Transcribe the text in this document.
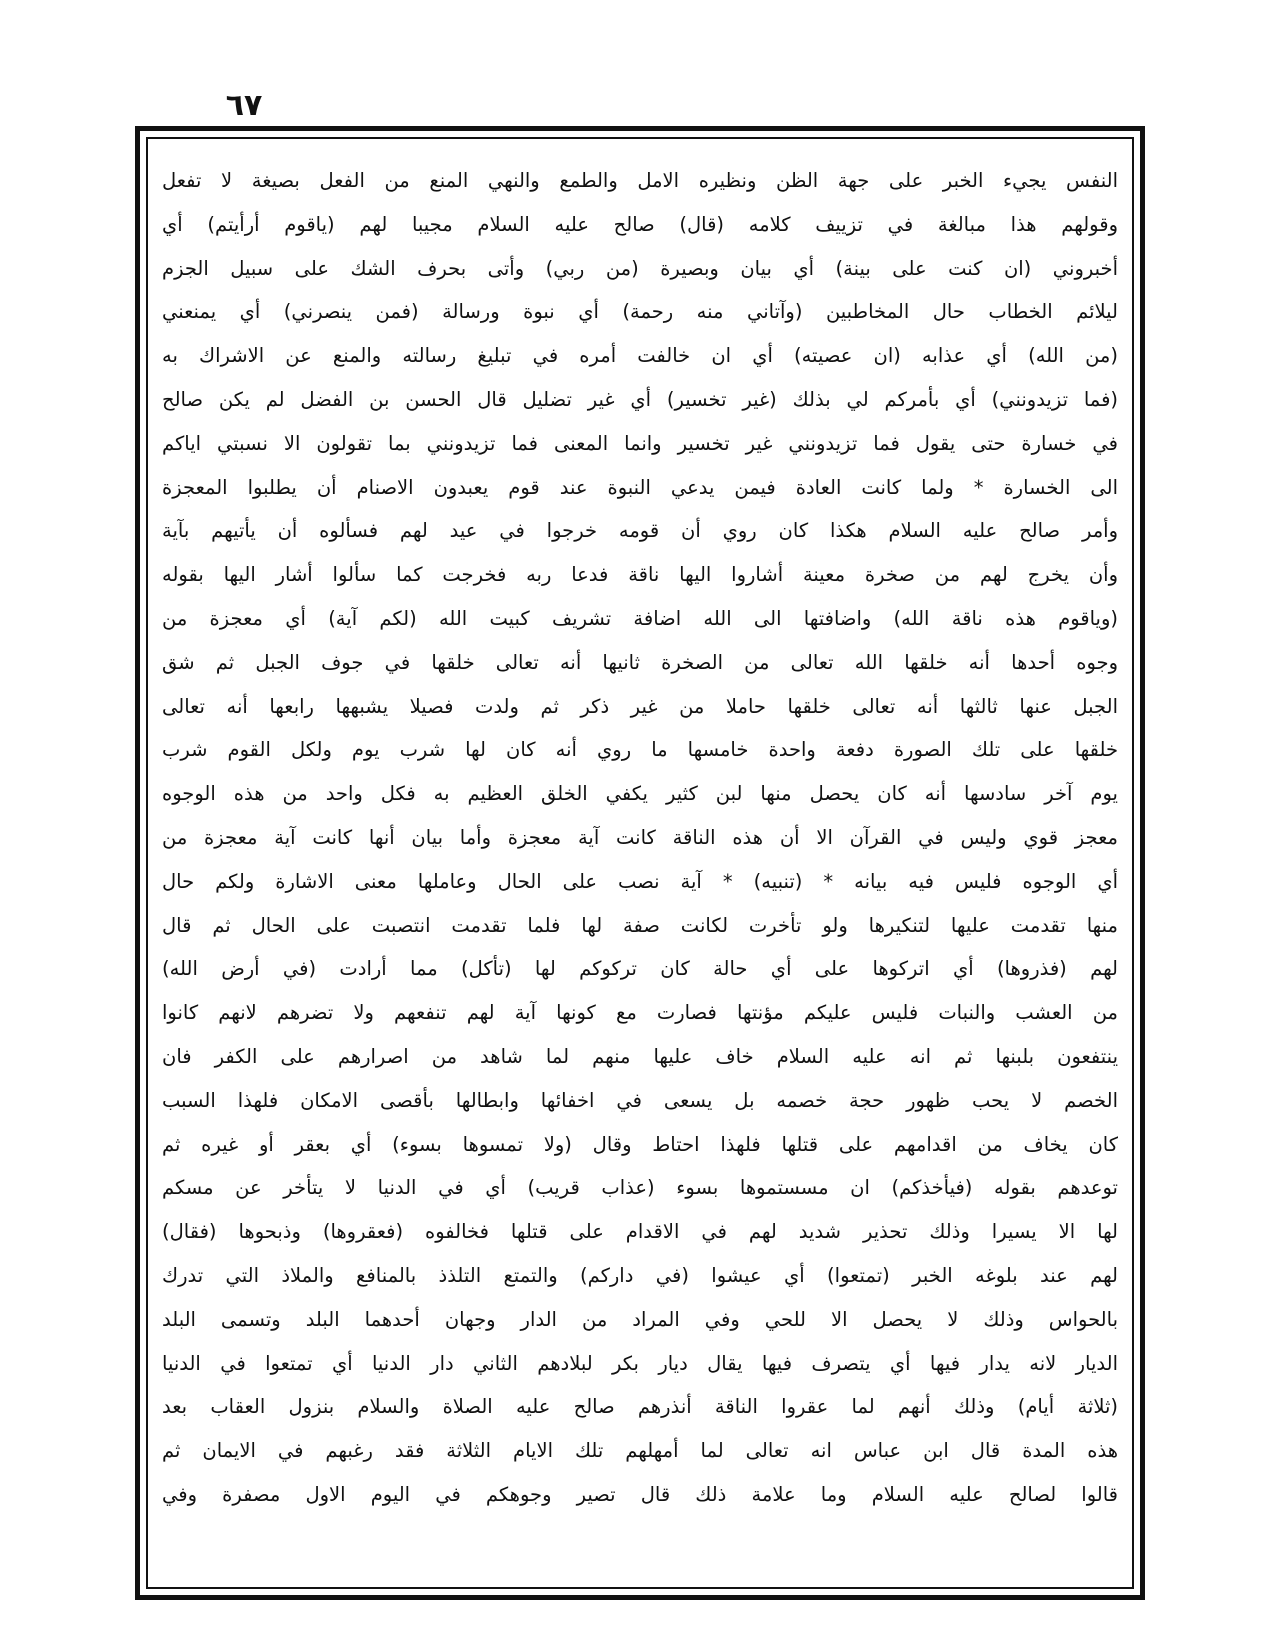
٦٧
النفس يجيء الخبر على جهة الظن ونظيره الامل والطمع والنهي المنع من الفعل بصيغة لا تفعل
وقولهم هذا مبالغة في تزييف كلامه (قال) صالح عليه السلام مجيبا لهم (ياقوم أرأيتم) أي
أخبروني (ان كنت على بينة) أي بيان وبصيرة (من ربي) وأتى بحرف الشك على سبيل الجزم
ليلائم الخطاب حال المخاطبين (وآتاني منه رحمة) أي نبوة ورسالة (فمن ينصرني) أي يمنعني
(من الله) أي عذابه (ان عصيته) أي ان خالفت أمره في تبليغ رسالته والمنع عن الاشراك به
(فما تزيدونني) أي بأمركم لي بذلك (غير تخسير) أي غير تضليل قال الحسن بن الفضل لم يكن صالح
في خسارة حتى يقول فما تزيدونني غير تخسير وانما المعنى فما تزيدونني بما تقولون الا نسبتي اياكم
الى الخسارة * ولما كانت العادة فيمن يدعي النبوة عند قوم يعبدون الاصنام أن يطلبوا المعجزة
وأمر صالح عليه السلام هكذا كان روي أن قومه خرجوا في عيد لهم فسألوه أن يأتيهم بآية
وأن يخرج لهم من صخرة معينة أشاروا اليها ناقة فدعا ربه فخرجت كما سألوا أشار اليها بقوله
(وياقوم هذه ناقة الله) واضافتها الى الله اضافة تشريف كبيت الله (لكم آية) أي معجزة من
وجوه أحدها أنه خلقها الله تعالى من الصخرة ثانيها أنه تعالى خلقها في جوف الجبل ثم شق
الجبل عنها ثالثها أنه تعالى خلقها حاملا من غير ذكر ثم ولدت فصيلا يشبهها رابعها أنه تعالى
خلقها على تلك الصورة دفعة واحدة خامسها ما روي أنه كان لها شرب يوم ولكل القوم شرب
يوم آخر سادسها أنه كان يحصل منها لبن كثير يكفي الخلق العظيم به فكل واحد من هذه الوجوه
معجز قوي وليس في القرآن الا أن هذه الناقة كانت آية معجزة وأما بيان أنها كانت آية معجزة من
أي الوجوه فليس فيه بيانه * (تنبيه) * آية نصب على الحال وعاملها معنى الاشارة ولكم حال
منها تقدمت عليها لتنكيرها ولو تأخرت لكانت صفة لها فلما تقدمت انتصبت على الحال ثم قال
لهم (فذروها) أي اتركوها على أي حالة كان تركوكم لها (تأكل) مما أرادت (في أرض الله)
من العشب والنبات فليس عليكم مؤنتها فصارت مع كونها آية لهم تنفعهم ولا تضرهم لانهم كانوا
ينتفعون بلبنها ثم انه عليه السلام خاف عليها منهم لما شاهد من اصرارهم على الكفر فان
الخصم لا يحب ظهور حجة خصمه بل يسعى في اخفائها وابطالها بأقصى الامكان فلهذا السبب
كان يخاف من اقدامهم على قتلها فلهذا احتاط وقال (ولا تمسوها بسوء) أي بعقر أو غيره ثم
توعدهم بقوله (فيأخذكم) ان مسستموها بسوء (عذاب قريب) أي في الدنيا لا يتأخر عن مسكم
لها الا يسيرا وذلك تحذير شديد لهم في الاقدام على قتلها فخالفوه (فعقروها) وذبحوها (فقال)
لهم عند بلوغه الخبر (تمتعوا) أي عيشوا (في داركم) والتمتع التلذذ بالمنافع والملاذ التي تدرك
بالحواس وذلك لا يحصل الا للحي وفي المراد من الدار وجهان أحدهما البلد وتسمى البلد
الديار لانه يدار فيها أي يتصرف فيها يقال ديار بكر لبلادهم الثاني دار الدنيا أي تمتعوا في الدنيا
(ثلاثة أيام) وذلك أنهم لما عقروا الناقة أنذرهم صالح عليه الصلاة والسلام بنزول العقاب بعد
هذه المدة قال ابن عباس انه تعالى لما أمهلهم تلك الايام الثلاثة فقد رغبهم في الايمان ثم
قالوا لصالح عليه السلام وما علامة ذلك قال تصير وجوهكم في اليوم الاول مصفرة وفي
